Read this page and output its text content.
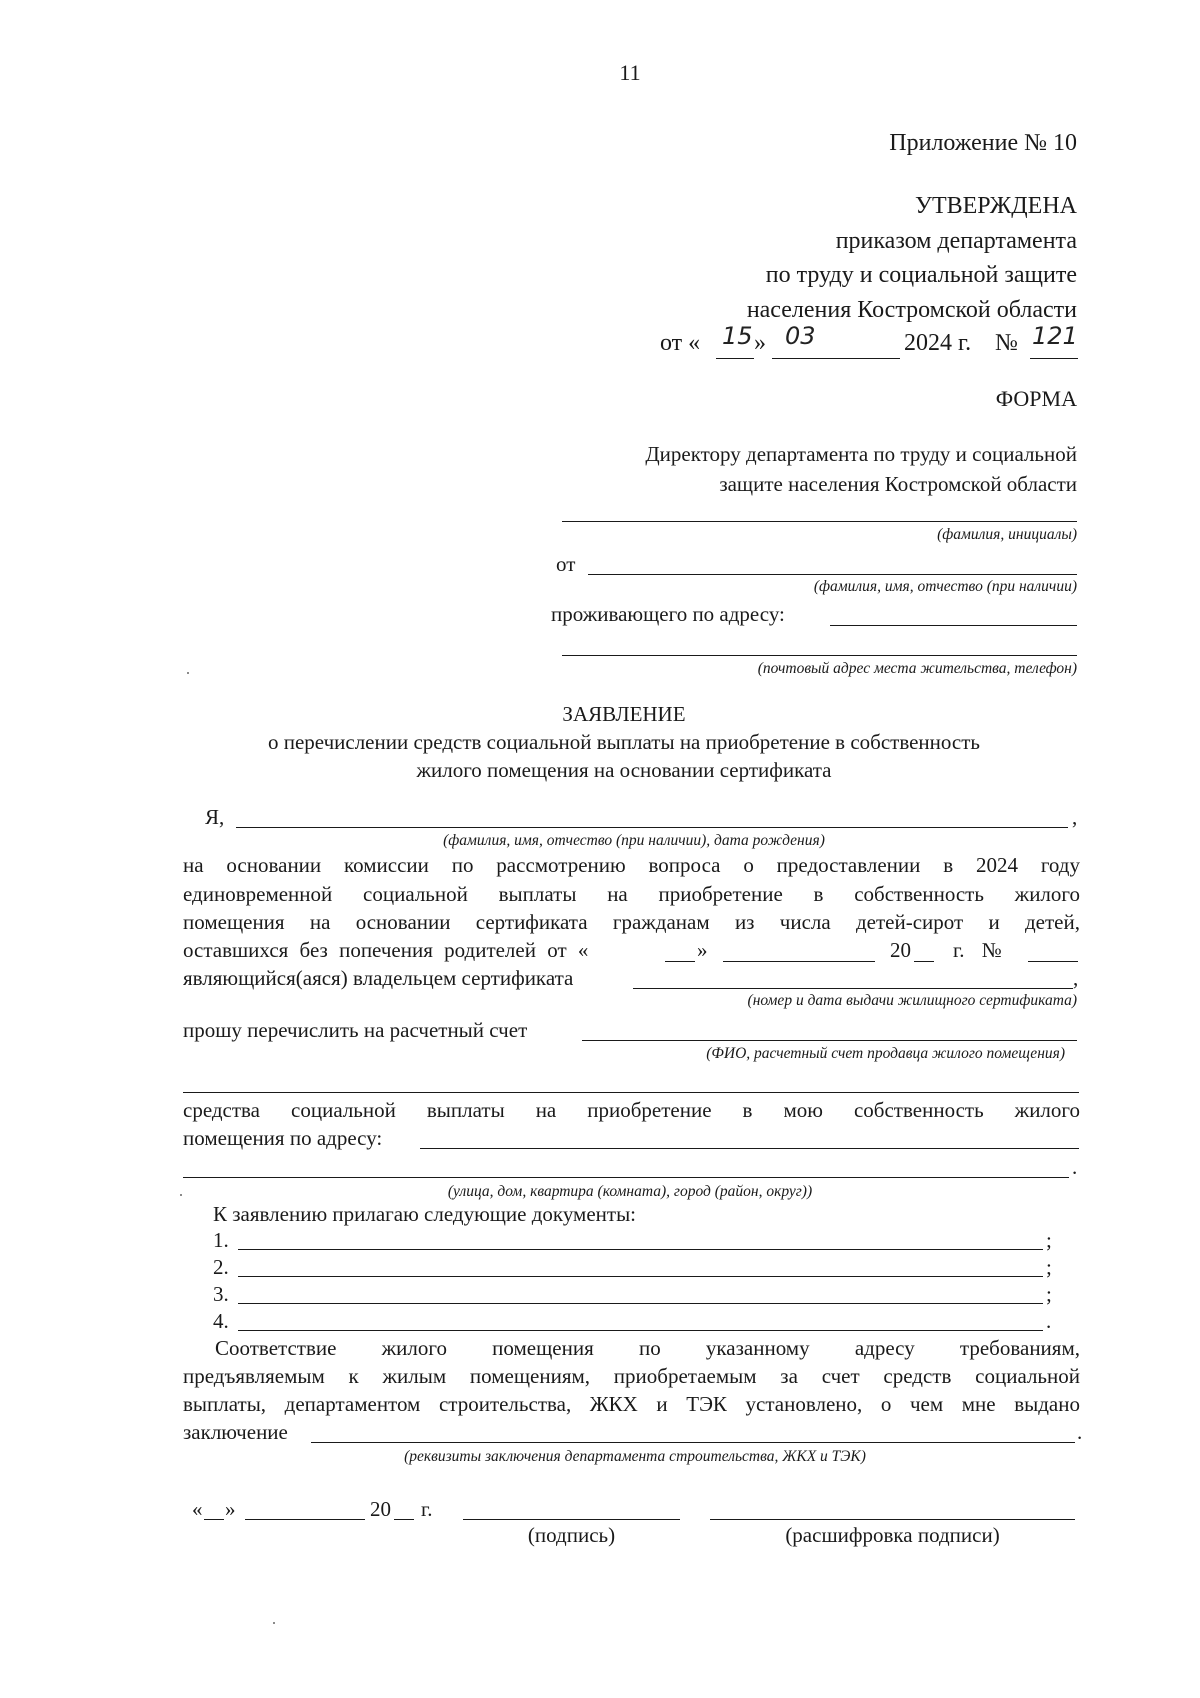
11
Приложение № 10
УТВЕРЖДЕНА
приказом департамента
по труду и социальной защите
населения Костромской области
от « 15 » 03	2024 г. № 121
ФОРМА
Директору департамента по труду и социальной
защите населения Костромской области
(фамилия, инициалы)
от
(фамилия, имя, отчество (при наличии)
проживающего по адресу:
(почтовый адрес места жительства, телефон)
ЗАЯВЛЕНИЕ
о перечислении средств социальной выплаты на приобретение в собственность
жилого помещения на основании сертификата
Я,	,
(фамилия, имя, отчество (при наличии), дата рождения)
на основании комиссии по рассмотрению вопроса о предоставлении в 2024 году
единовременной социальной выплаты на приобретение в собственность жилого
помещения на основании сертификата гражданам из числа детей-сирот и детей,
оставшихся без попечения родителей от «	»	20 г. №
являющийся(аяся) владельцем сертификата	,
(номер и дата выдачи жилищного сертификата)
прошу перечислить на расчетный счет
(ФИО, расчетный счет продавца жилого помещения)
средства социальной выплаты на приобретение в мою собственность жилого
помещения по адресу:
.
(улица, дом, квартира (комната), город (район, округ))
К заявлению прилагаю следующие документы:
1.	;
2.	;
3.	;
4.	.
Соответствие жилого помещения по указанному адресу требованиям,
предъявляемым к жилым помещениям, приобретаемым за счет средств социальной
выплаты, департаментом строительства, ЖКХ и ТЭК установлено, о чем мне выдано
заключение	.
(реквизиты заключения департамента строительства, ЖКХ и ТЭК)
« »	20 г.
(подпись)	(расшифровка подписи)
